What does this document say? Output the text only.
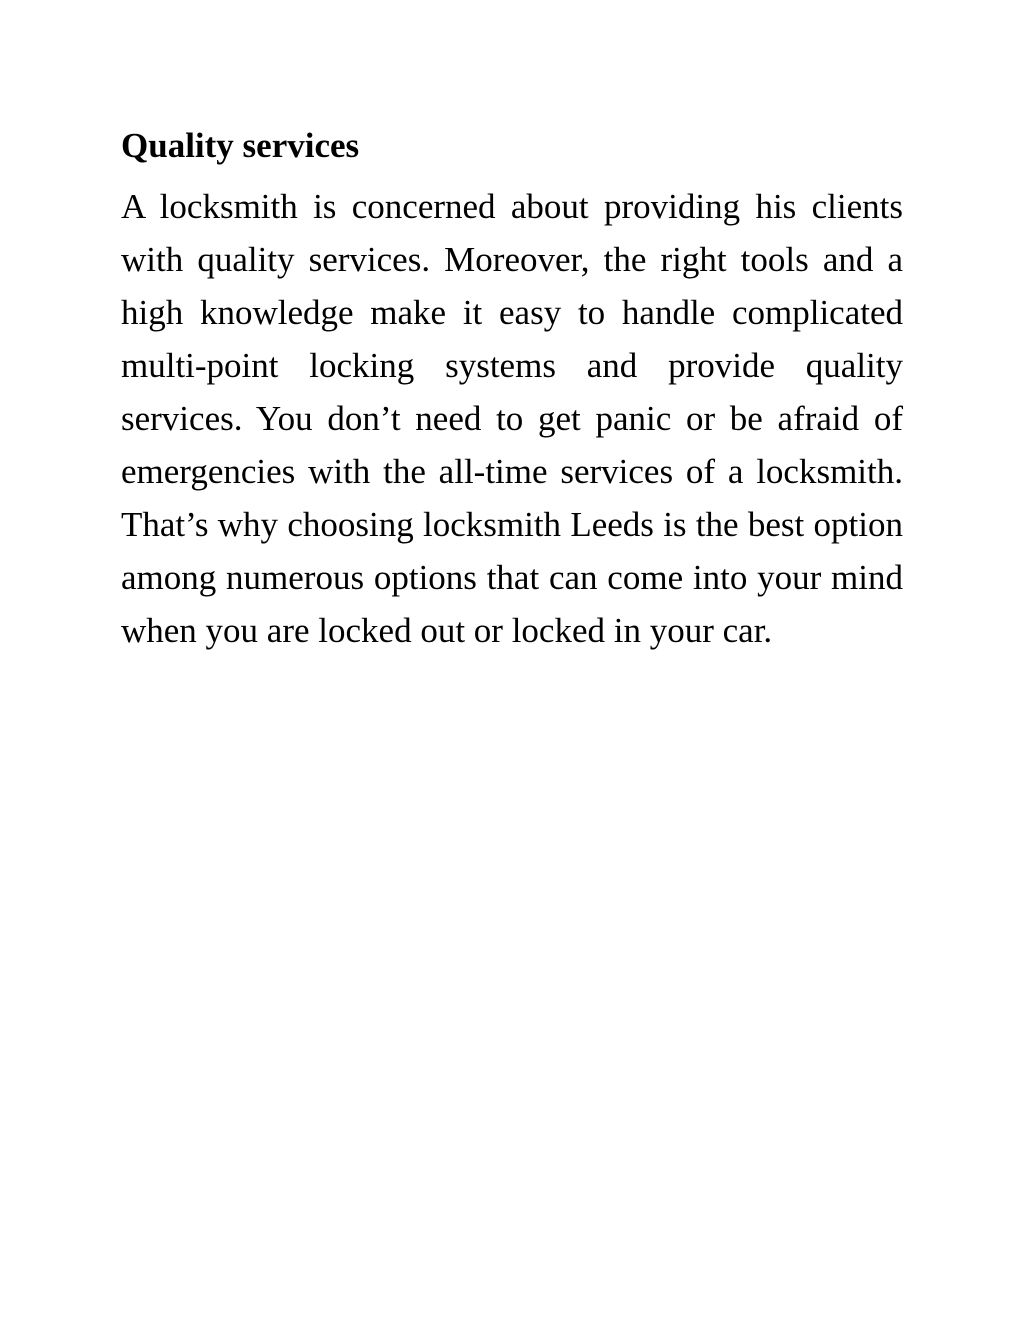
Quality services

A locksmith is concerned about providing his clients with quality services. Moreover, the right tools and a high knowledge make it easy to handle complicated multi-point locking systems and provide quality services. You don’t need to get panic or be afraid of emergencies with the all-time services of a locksmith. That’s why choosing locksmith Leeds is the best option among numerous options that can come into your mind when you are locked out or locked in your car.
